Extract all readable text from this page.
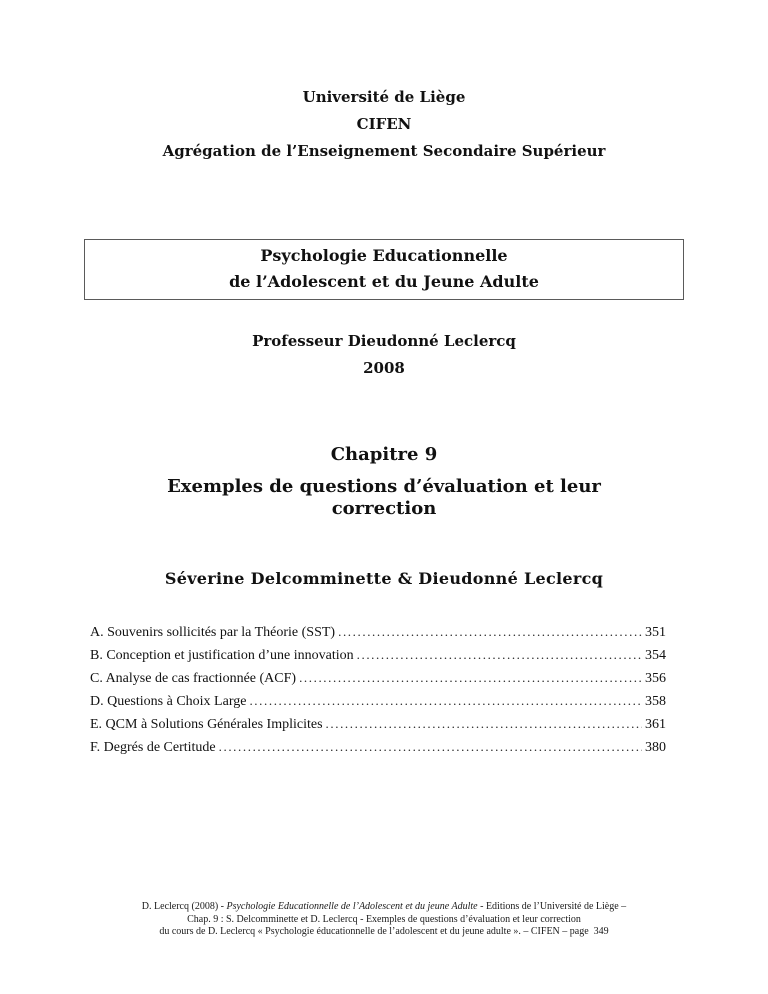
Université de Liège
CIFEN
Agrégation de l’Enseignement Secondaire Supérieur
Psychologie Educationnelle
de l’Adolescent et du Jeune Adulte
Professeur Dieudonné Leclercq
2008
Chapitre 9
Exemples de questions d’évaluation et leur correction
Séverine Delcomminette & Dieudonné Leclercq
A. Souvenirs sollicités par la Théorie (SST) .....	351
B. Conception et justification d’une innovation .....	354
C. Analyse de cas fractionnée (ACF) .....	356
D. Questions à Choix Large .....	358
E. QCM à Solutions Générales Implicites .....	361
F. Degrés de Certitude .....	380
D. Leclercq (2008) - Psychologie Educationnelle de l’Adolescent et du jeune Adulte - Editions de l’Université de Liège –
Chap. 9 : S. Delcomminette et D. Leclercq - Exemples de questions d’évaluation et leur correction
du cours de D. Leclercq « Psychologie éducationnelle de l’adolescent et du jeune adulte ». – CIFEN – page  349
